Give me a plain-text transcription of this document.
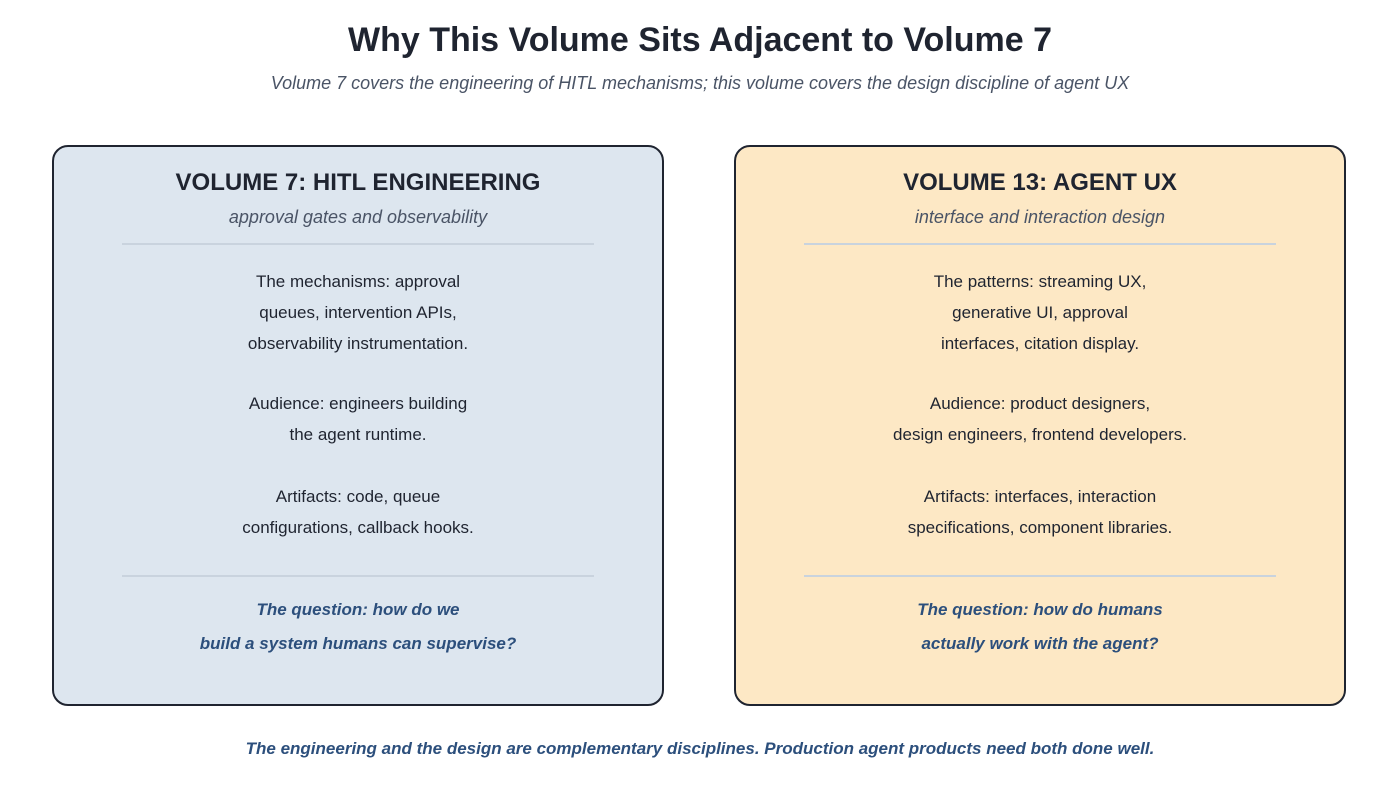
Why This Volume Sits Adjacent to Volume 7
Volume 7 covers the engineering of HITL mechanisms; this volume covers the design discipline of agent UX
VOLUME 7: HITL ENGINEERING
approval gates and observability
The mechanisms: approval
queues, intervention APIs,
observability instrumentation.
Audience: engineers building
the agent runtime.
Artifacts: code, queue
configurations, callback hooks.
The question: how do we
build a system humans can supervise?
VOLUME 13: AGENT UX
interface and interaction design
The patterns: streaming UX,
generative UI, approval
interfaces, citation display.
Audience: product designers,
design engineers, frontend developers.
Artifacts: interfaces, interaction
specifications, component libraries.
The question: how do humans
actually work with the agent?
The engineering and the design are complementary disciplines. Production agent products need both done well.
